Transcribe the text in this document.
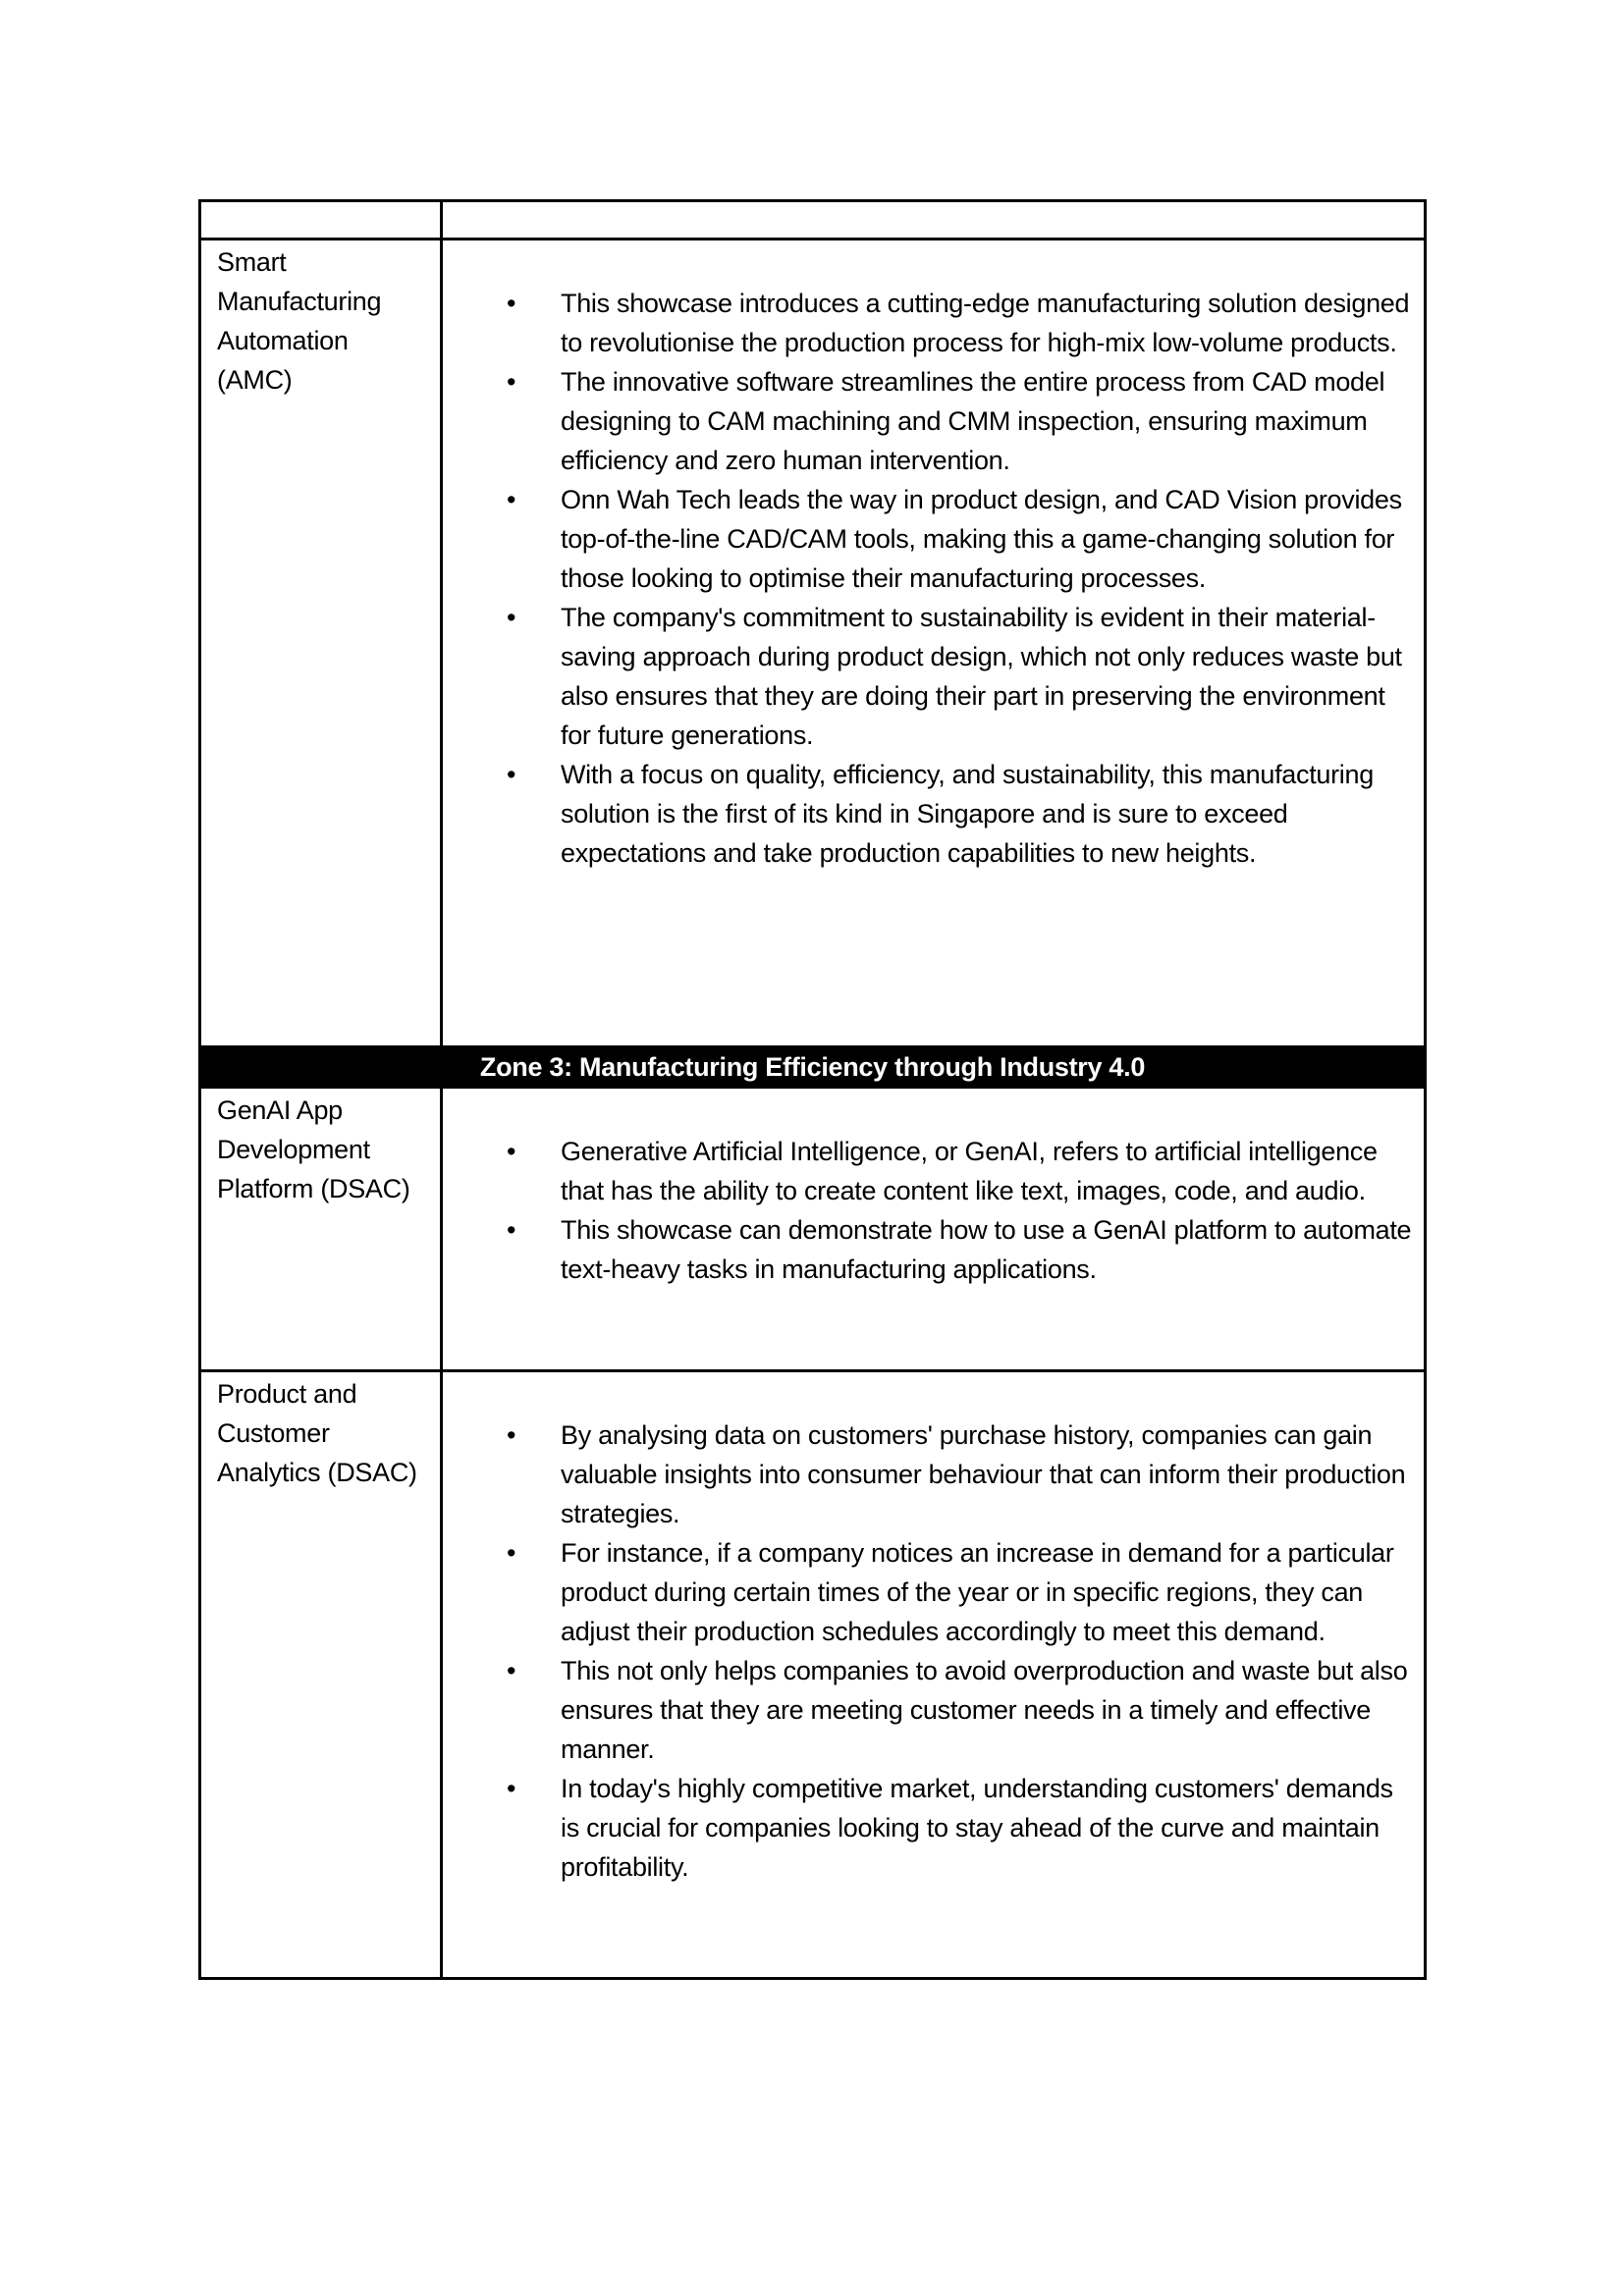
Smart Manufacturing Automation (AMC)
•	This showcase introduces a cutting-edge manufacturing solution designed to revolutionise the production process for high-mix low-volume products.
•	The innovative software streamlines the entire process from CAD model designing to CAM machining and CMM inspection, ensuring maximum efficiency and zero human intervention.
•	Onn Wah Tech leads the way in product design, and CAD Vision provides top-of-the-line CAD/CAM tools, making this a game-changing solution for those looking to optimise their manufacturing processes.
•	The company's commitment to sustainability is evident in their material-saving approach during product design, which not only reduces waste but also ensures that they are doing their part in preserving the environment for future generations.
•	With a focus on quality, efficiency, and sustainability, this manufacturing solution is the first of its kind in Singapore and is sure to exceed expectations and take production capabilities to new heights.
Zone 3: Manufacturing Efficiency through Industry 4.0
GenAI App Development Platform (DSAC)
•	Generative Artificial Intelligence, or GenAI, refers to artificial intelligence that has the ability to create content like text, images, code, and audio.
•	This showcase can demonstrate how to use a GenAI platform to automate text-heavy tasks in manufacturing applications.
Product and Customer Analytics (DSAC)
•	By analysing data on customers' purchase history, companies can gain valuable insights into consumer behaviour that can inform their production strategies.
•	For instance, if a company notices an increase in demand for a particular product during certain times of the year or in specific regions, they can adjust their production schedules accordingly to meet this demand.
•	This not only helps companies to avoid overproduction and waste but also ensures that they are meeting customer needs in a timely and effective manner.
•	In today's highly competitive market, understanding customers' demands is crucial for companies looking to stay ahead of the curve and maintain profitability.
